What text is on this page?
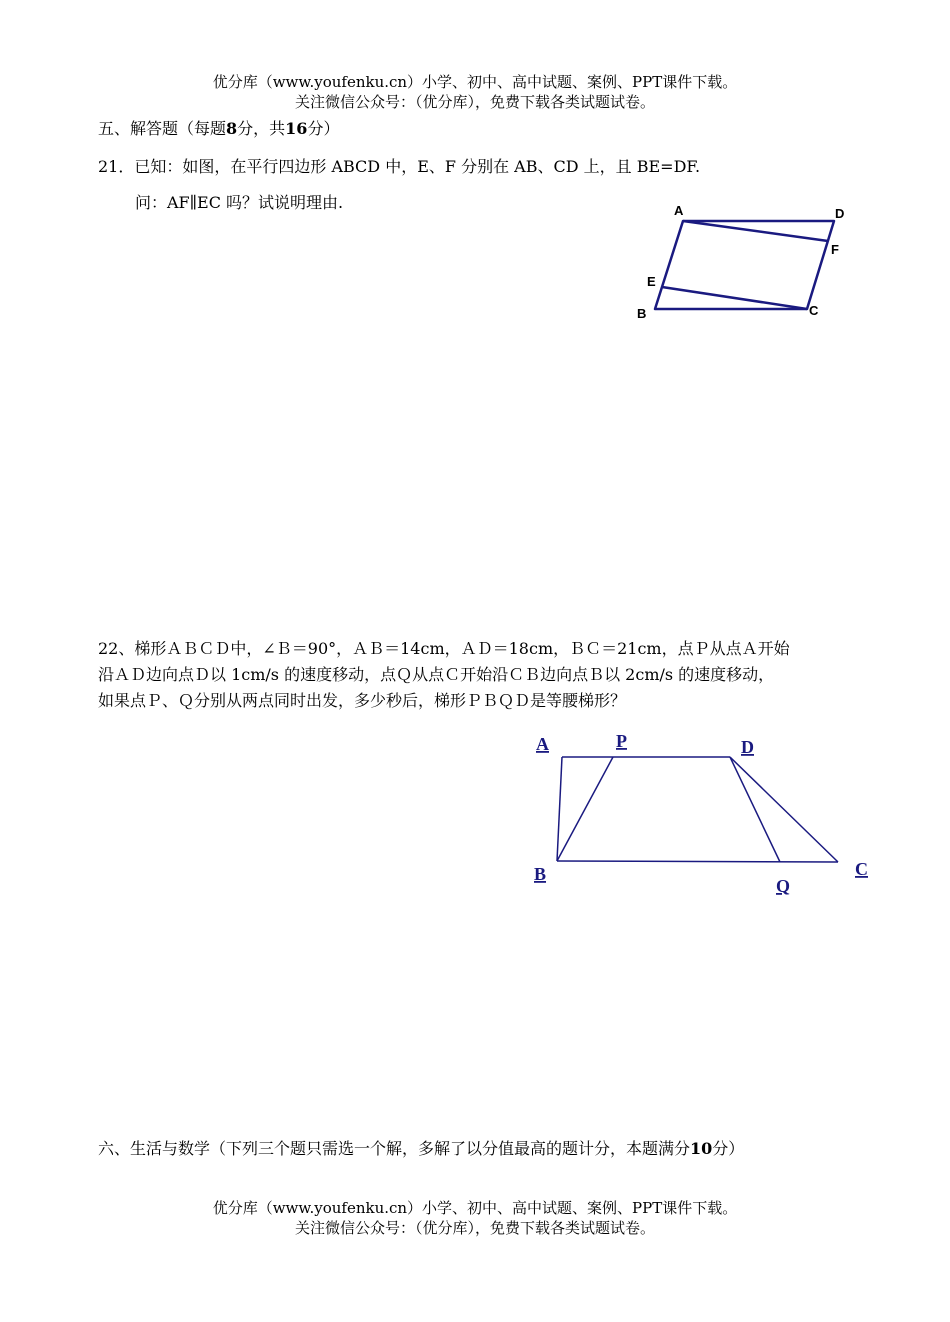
优分库（www.youfenku.cn）小学、初中、高中试题、案例、PPT课件下载。
关注微信公众号：（优分库），免费下载各类试题试卷。
五、解答题（每题8分，共16分）
21．已知：如图，在平行四边形 ABCD 中，E、F 分别在 AB、CD 上，且 BE=DF.
问：AF∥EC 吗？试说明理由.	A	D
F
E
B	C
22、梯形ＡＢＣＤ中，∠Ｂ＝90°，ＡＢ＝14cm，ＡＤ＝18cm，ＢＣ＝21cm，点Ｐ从点Ａ开始
沿ＡＤ边向点Ｄ以 1cm/s 的速度移动，点Ｑ从点Ｃ开始沿ＣＢ边向点Ｂ以 2cm/s 的速度移动，
如果点Ｐ、Ｑ分别从两点同时出发，多少秒后，梯形ＰＢＱＤ是等腰梯形？
A	P	D
B
Q
C
六、生活与数学（下列三个题只需选一个解，多解了以分值最高的题计分，本题满分10分）
优分库（www.youfenku.cn）小学、初中、高中试题、案例、PPT课件下载。
关注微信公众号：（优分库），免费下载各类试题试卷。
